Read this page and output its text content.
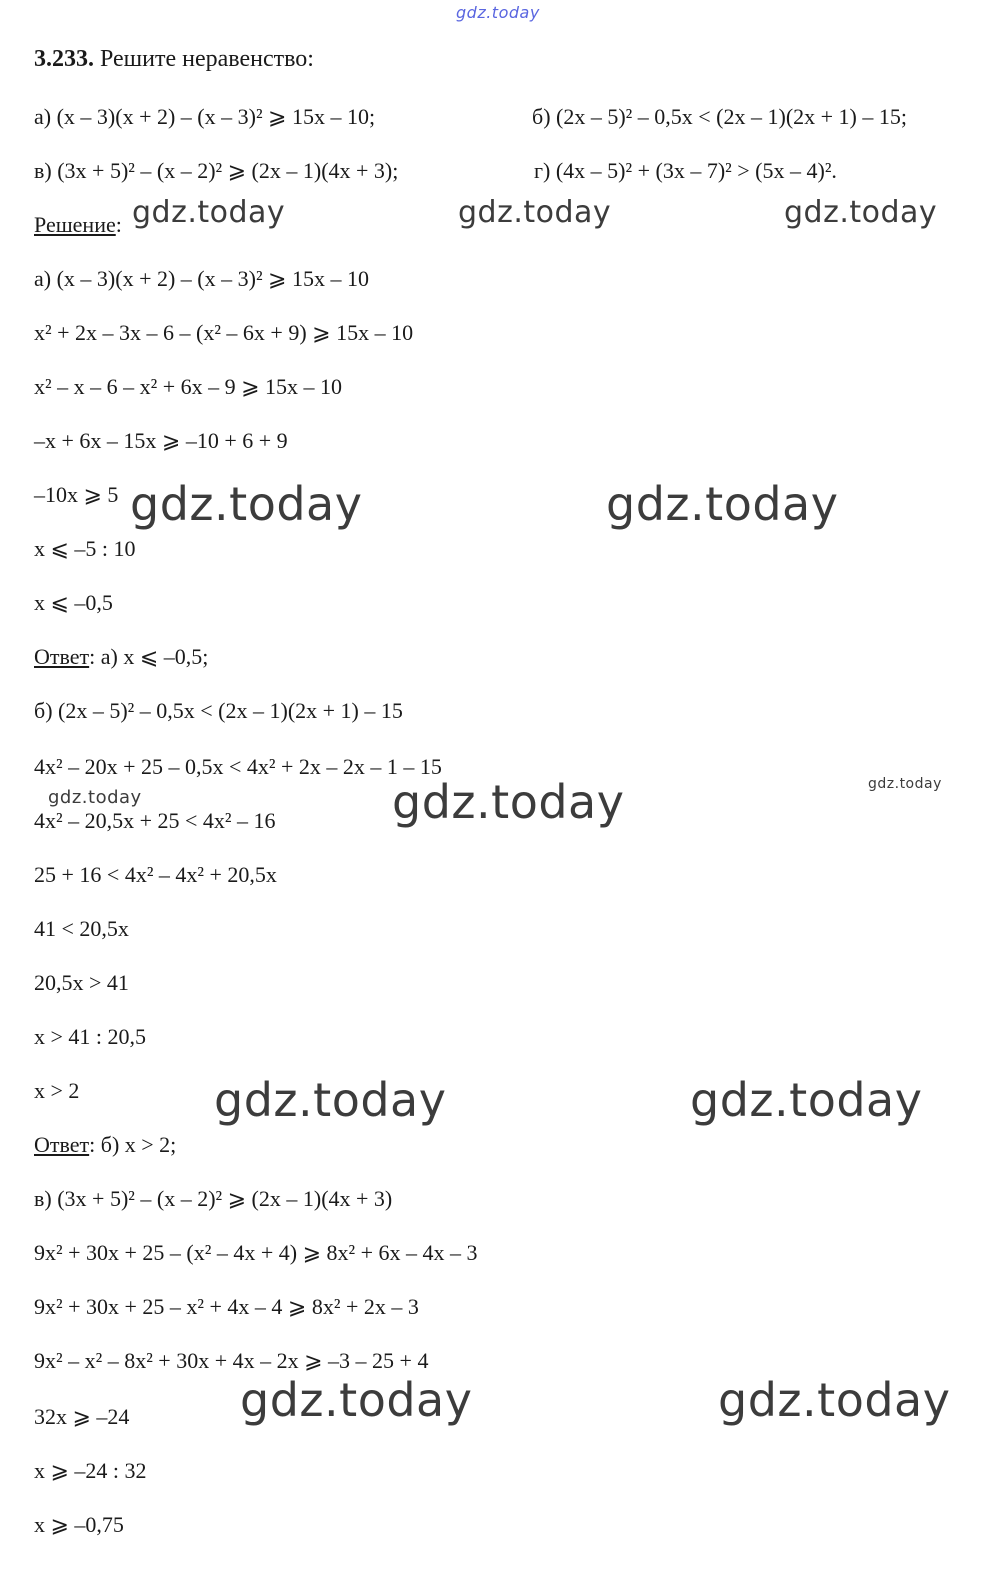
gdz.today
3.233. Решите неравенство:
а) (x – 3)(x + 2) – (x – 3)² ⩾ 15x – 10;	б) (2x – 5)² – 0,5x < (2x – 1)(2x + 1) – 15;
в) (3x + 5)² – (x – 2)² ⩾ (2x – 1)(4x + 3);	г) (4x – 5)² + (3x – 7)² > (5x – 4)².
Решение: gdz.today	gdz.today	gdz.today
а) (x – 3)(x + 2) – (x – 3)² ⩾ 15x – 10
x² + 2x – 3x – 6 – (x² – 6x + 9) ⩾ 15x – 10
x² – x – 6 – x² + 6x – 9 ⩾ 15x – 10
–x + 6x – 15x ⩾ –10 + 6 + 9
–10x ⩾ 5 gdz.today	gdz.today
x ⩽ –5 : 10
x ⩽ –0,5
Ответ: а) x ⩽ –0,5;
б) (2x – 5)² – 0,5x < (2x – 1)(2x + 1) – 15
4x² – 20x + 25 – 0,5x < 4x² + 2x – 2x – 1 – 15
gdz.today	gdz.today	gdz.today
4x² – 20,5x + 25 < 4x² – 16
25 + 16 < 4x² – 4x² + 20,5x
41 < 20,5x
20,5x > 41
x > 41 : 20,5
x > 2	gdz.today	gdz.today
Ответ: б) x > 2;
в) (3x + 5)² – (x – 2)² ⩾ (2x – 1)(4x + 3)
9x² + 30x + 25 – (x² – 4x + 4) ⩾ 8x² + 6x – 4x – 3
9x² + 30x + 25 – x² + 4x – 4 ⩾ 8x² + 2x – 3
9x² – x² – 8x² + 30x + 4x – 2x ⩾ –3 – 25 + 4
gdz.today	gdz.today
32x ⩾ –24
x ⩾ –24 : 32
x ⩾ –0,75
